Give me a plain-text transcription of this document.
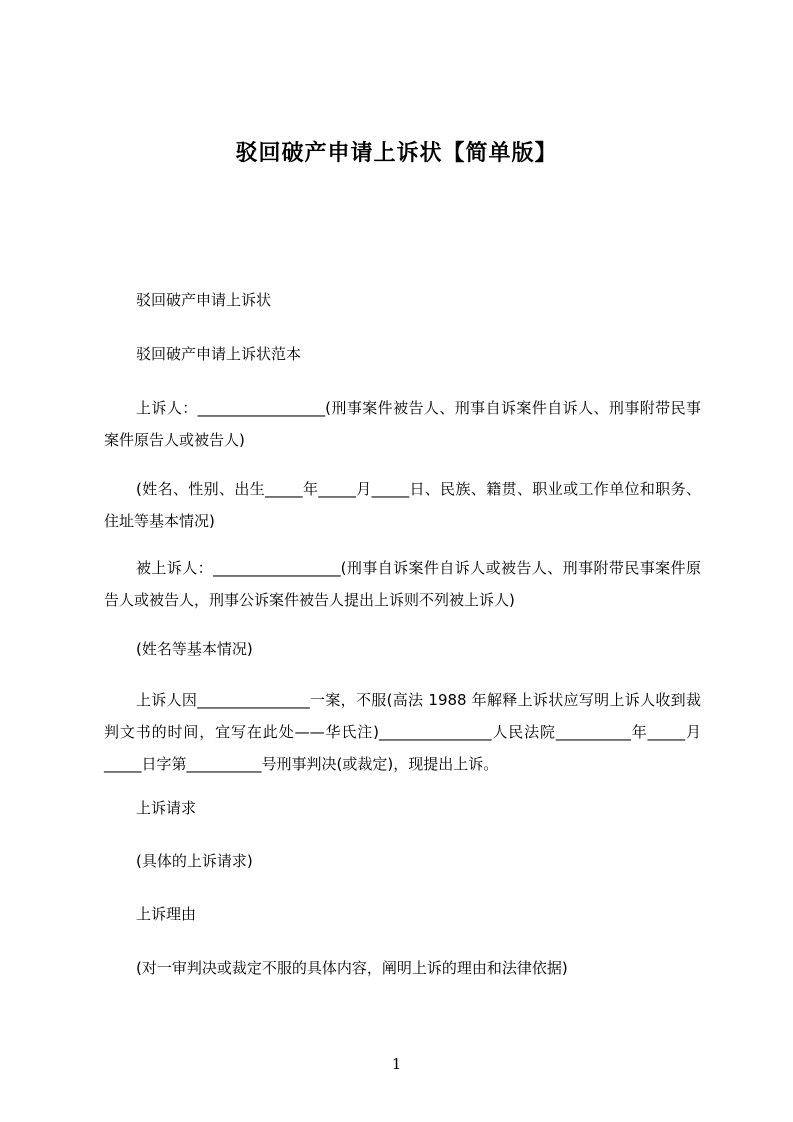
驳回破产申请上诉状【简单版】

驳回破产申请上诉状

驳回破产申请上诉状范本

上诉人：_________________(刑事案件被告人、刑事自诉案件自诉人、刑事附带民事案件原告人或被告人)

(姓名、性别、出生_____年_____月_____日、民族、籍贯、职业或工作单位和职务、住址等基本情况)

被上诉人：_________________(刑事自诉案件自诉人或被告人、刑事附带民事案件原告人或被告人，刑事公诉案件被告人提出上诉则不列被上诉人)

(姓名等基本情况)

上诉人因_______________一案，不服(高法 1988 年解释上诉状应写明上诉人收到裁判文书的时间，宜写在此处——华氏注)_______________人民法院__________年_____月_____日字第__________号刑事判决(或裁定)，现提出上诉。

上诉请求

(具体的上诉请求)

上诉理由

(对一审判决或裁定不服的具体内容，阐明上诉的理由和法律依据)

1
